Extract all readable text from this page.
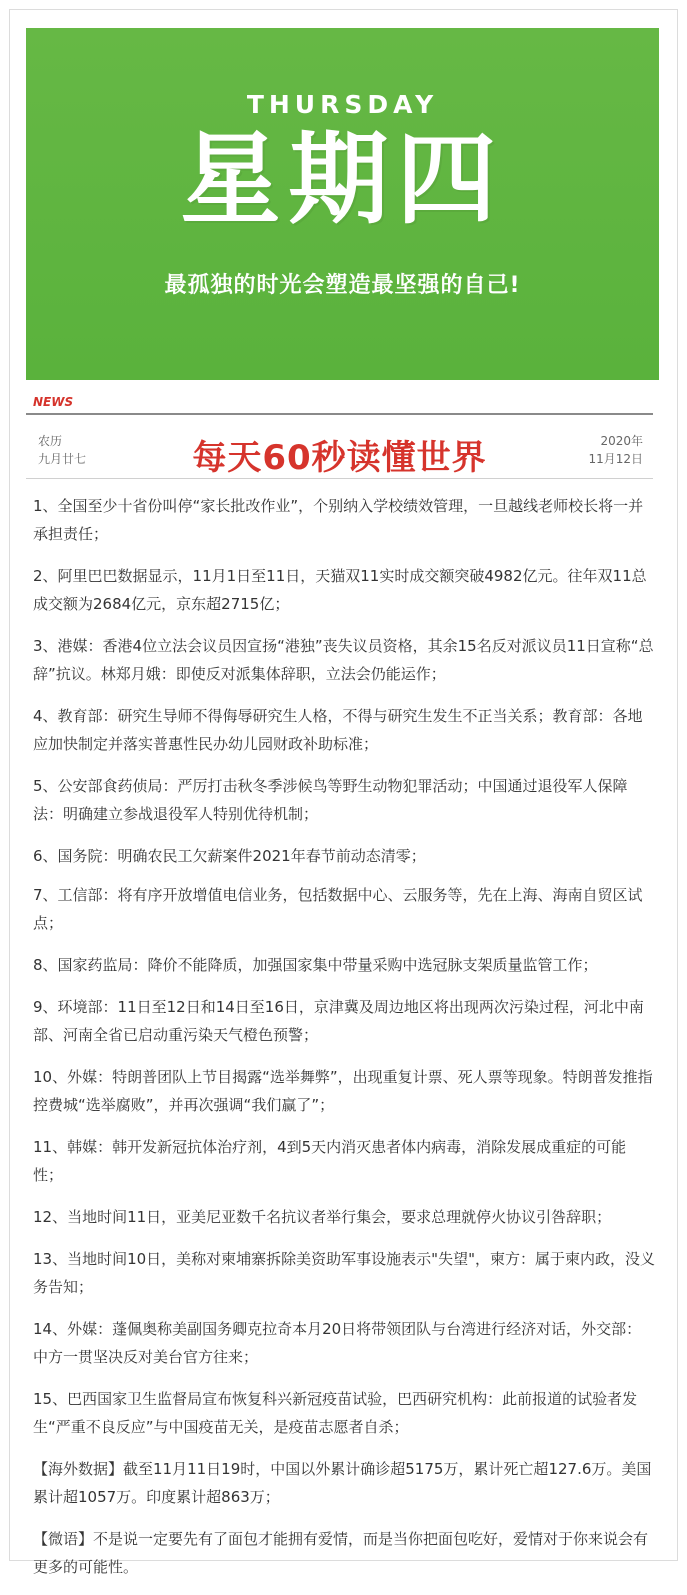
THURSDAY
星期四
最孤独的时光会塑造最坚强的自己!
NEWS
农历
九月廿七	每天60秒读懂世界	2020年
11月12日

1、全国至少十省份叫停“家长批改作业”，个别纳入学校绩效管理，一旦越线老师校长将一并承担责任；

2、阿里巴巴数据显示，11月1日至11日，天猫双11实时成交额突破4982亿元。往年双11总成交额为2684亿元，京东超2715亿；

3、港媒：香港4位立法会议员因宣扬“港独”丧失议员资格，其余15名反对派议员11日宣称“总辞”抗议。林郑月娥：即使反对派集体辞职，立法会仍能运作；

4、教育部：研究生导师不得侮辱研究生人格，不得与研究生发生不正当关系；教育部：各地应加快制定并落实普惠性民办幼儿园财政补助标准；

5、公安部食药侦局：严厉打击秋冬季涉候鸟等野生动物犯罪活动；中国通过退役军人保障法：明确建立参战退役军人特别优待机制；

6、国务院：明确农民工欠薪案件2021年春节前动态清零；

7、工信部：将有序开放增值电信业务，包括数据中心、云服务等，先在上海、海南自贸区试点；

8、国家药监局：降价不能降质，加强国家集中带量采购中选冠脉支架质量监管工作；

9、环境部：11日至12日和14日至16日，京津冀及周边地区将出现两次污染过程，河北中南部、河南全省已启动重污染天气橙色预警；

10、外媒：特朗普团队上节目揭露“选举舞弊”，出现重复计票、死人票等现象。特朗普发推指控费城“选举腐败”，并再次强调“我们赢了”；

11、韩媒：韩开发新冠抗体治疗剂，4到5天内消灭患者体内病毒，消除发展成重症的可能性；

12、当地时间11日，亚美尼亚数千名抗议者举行集会，要求总理就停火协议引咎辞职；

13、当地时间10日，美称对柬埔寨拆除美资助军事设施表示"失望"，柬方：属于柬内政，没义务告知；

14、外媒：蓬佩奥称美副国务卿克拉奇本月20日将带领团队与台湾进行经济对话，外交部：中方一贯坚决反对美台官方往来；

15、巴西国家卫生监督局宣布恢复科兴新冠疫苗试验，巴西研究机构：此前报道的试验者发生“严重不良反应”与中国疫苗无关，是疫苗志愿者自杀；

【海外数据】截至11月11日19时，中国以外累计确诊超5175万，累计死亡超127.6万。美国累计超1057万。印度累计超863万；

【微语】不是说一定要先有了面包才能拥有爱情，而是当你把面包吃好，爱情对于你来说会有更多的可能性。
